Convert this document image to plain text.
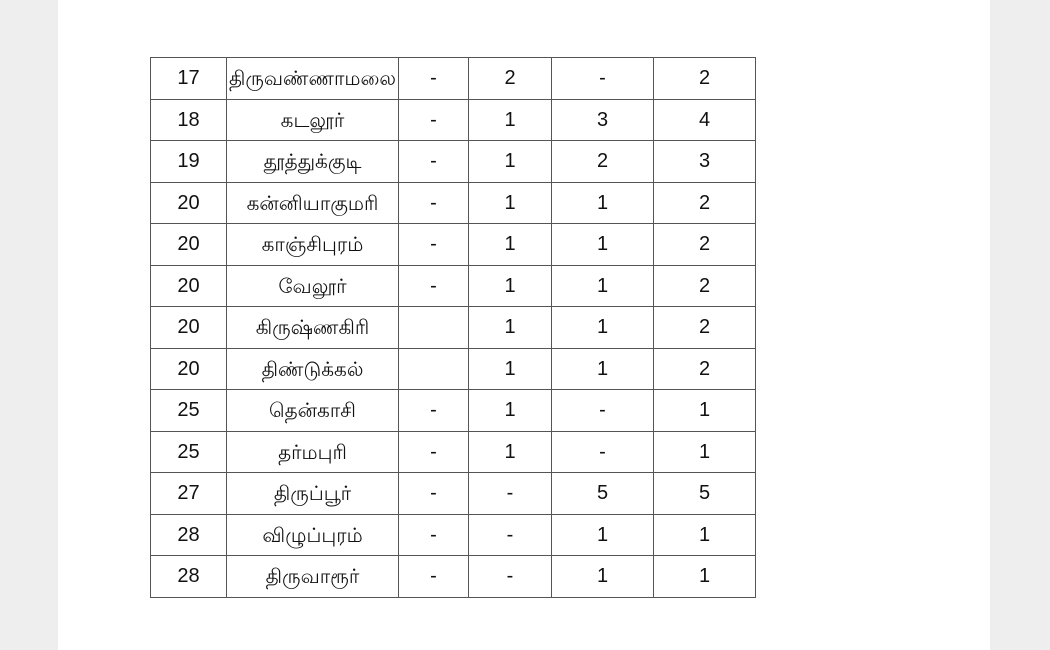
17	திருவண்ணாமலை	-	2	-	2
18	கடலூர்	-	1	3	4
19	தூத்துக்குடி	-	1	2	3
20	கன்னியாகுமரி	-	1	1	2
20	காஞ்சிபுரம்	-	1	1	2
20	வேலூர்	-	1	1	2
20	கிருஷ்ணகிரி		1	1	2
20	திண்டுக்கல்		1	1	2
25	தென்காசி	-	1	-	1
25	தர்மபுரி	-	1	-	1
27	திருப்பூர்	-	-	5	5
28	விழுப்புரம்	-	-	1	1
28	திருவாரூர்	-	-	1	1
